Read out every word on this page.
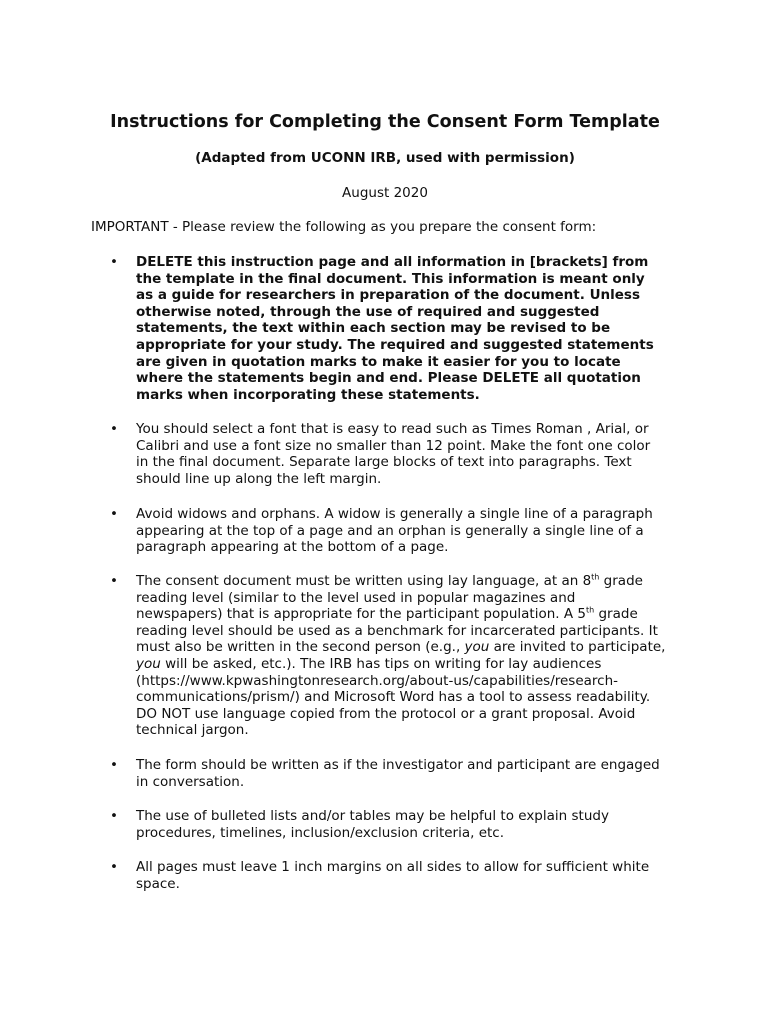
Instructions for Completing the Consent Form Template
(Adapted from UCONN IRB, used with permission)
August 2020
IMPORTANT - Please review the following as you prepare the consent form:
•	DELETE this instruction page and all information in [brackets] from
the template in the final document. This information is meant only
as a guide for researchers in preparation of the document. Unless
otherwise noted, through the use of required and suggested
statements, the text within each section may be revised to be
appropriate for your study. The required and suggested statements
are given in quotation marks to make it easier for you to locate
where the statements begin and end. Please DELETE all quotation
marks when incorporating these statements.
•	You should select a font that is easy to read such as Times Roman , Arial, or
Calibri and use a font size no smaller than 12 point. Make the font one color
in the final document. Separate large blocks of text into paragraphs. Text
should line up along the left margin.
•	Avoid widows and orphans. A widow is generally a single line of a paragraph
appearing at the top of a page and an orphan is generally a single line of a
paragraph appearing at the bottom of a page.
•	The consent document must be written using lay language, at an 8th grade
reading level (similar to the level used in popular magazines and
newspapers) that is appropriate for the participant population. A 5th grade
reading level should be used as a benchmark for incarcerated participants. It
must also be written in the second person (e.g., you are invited to participate,
you will be asked, etc.). The IRB has tips on writing for lay audiences
(https://www.kpwashingtonresearch.org/about-us/capabilities/research-
communications/prism/) and Microsoft Word has a tool to assess readability.
DO NOT use language copied from the protocol or a grant proposal. Avoid
technical jargon.
•	The form should be written as if the investigator and participant are engaged
in conversation.
•	The use of bulleted lists and/or tables may be helpful to explain study
procedures, timelines, inclusion/exclusion criteria, etc.
•	All pages must leave 1 inch margins on all sides to allow for sufficient white
space.
